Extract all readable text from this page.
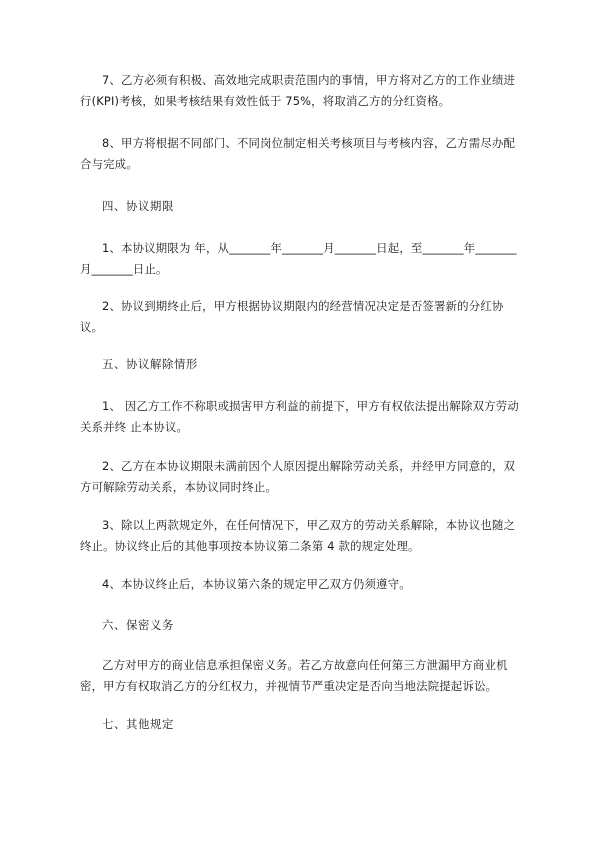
7、乙方必须有积极、高效地完成职责范围内的事情，甲方将对乙方的工作业绩进行(KPI)考核，如果考核结果有效性低于 75%，将取消乙方的分红资格。

8、甲方将根据不同部门、不同岗位制定相关考核项目与考核内容，乙方需尽办配合与完成。

四、协议期限

1、本协议期限为 年，从_______年_______月_______日起，至_______年_______月_______日止。

2、协议到期终止后，甲方根据协议期限内的经营情况决定是否签署新的分红协议。

五、协议解除情形

1、 因乙方工作不称职或损害甲方利益的前提下，甲方有权依法提出解除双方劳动关系并终 止本协议。

2、乙方在本协议期限未满前因个人原因提出解除劳动关系，并经甲方同意的，双方可解除劳动关系，本协议同时终止。

3、除以上两款规定外，在任何情况下，甲乙双方的劳动关系解除，本协议也随之终止。协议终止后的其他事项按本协议第二条第 4 款的规定处理。

4、本协议终止后，本协议第六条的规定甲乙双方仍须遵守。

六、保密义务

乙方对甲方的商业信息承担保密义务。若乙方故意向任何第三方泄漏甲方商业机密，甲方有权取消乙方的分红权力，并视情节严重决定是否向当地法院提起诉讼。

七、其他规定
